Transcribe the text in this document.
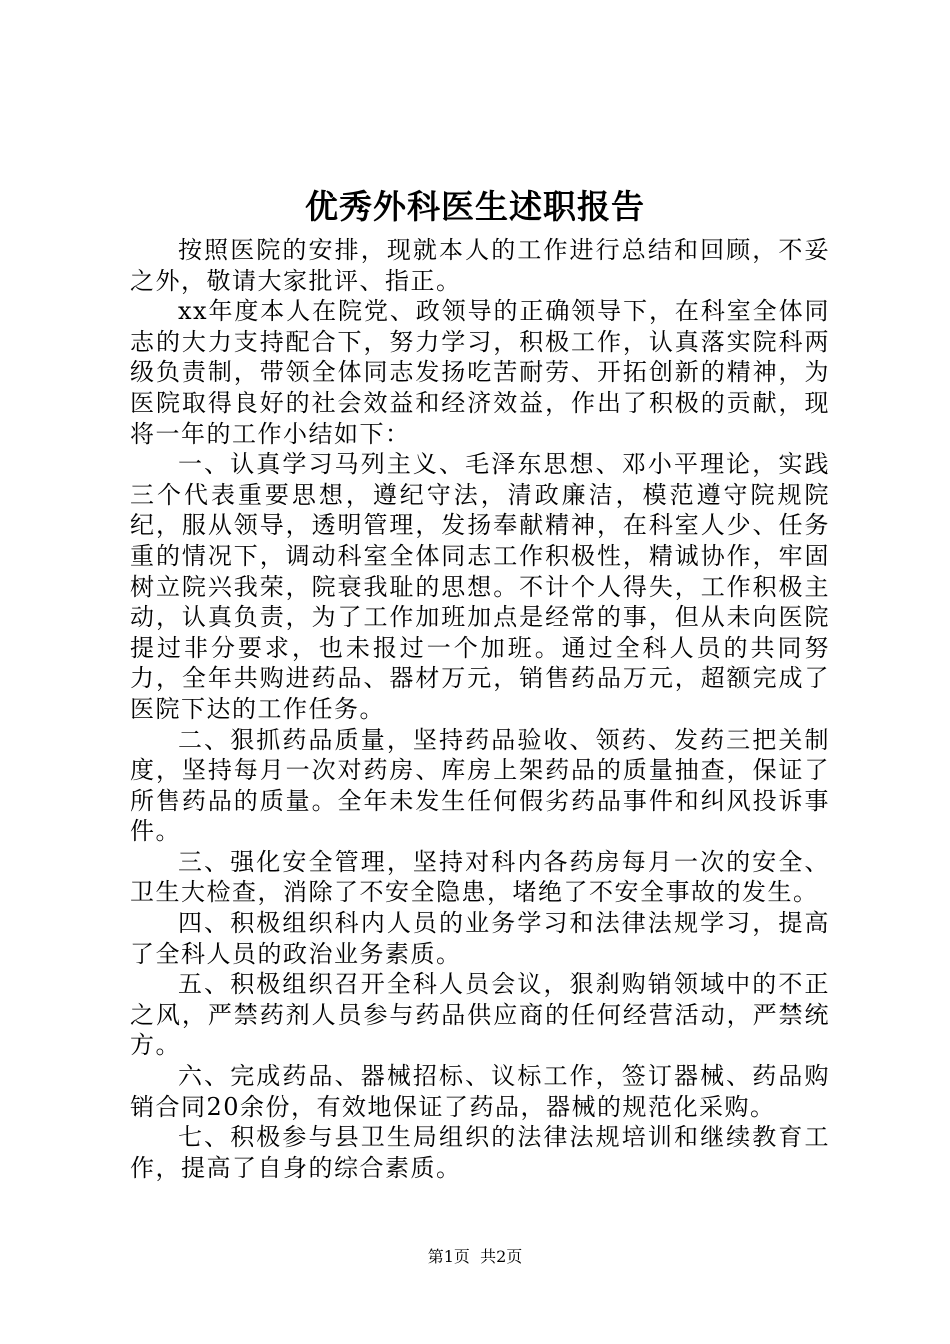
优秀外科医生述职报告

按照医院的安排，现就本人的工作进行总结和回顾，不妥之外，敬请大家批评、指正。

xx年度本人在院党、政领导的正确领导下，在科室全体同志的大力支持配合下，努力学习，积极工作，认真落实院科两级负责制，带领全体同志发扬吃苦耐劳、开拓创新的精神，为医院取得良好的社会效益和经济效益，作出了积极的贡献，现将一年的工作小结如下：

一、认真学习马列主义、毛泽东思想、邓小平理论，实践三个代表重要思想，遵纪守法，清政廉洁，模范遵守院规院纪，服从领导，透明管理，发扬奉献精神，在科室人少、任务重的情况下，调动科室全体同志工作积极性，精诚协作，牢固树立院兴我荣，院衰我耻的思想。不计个人得失，工作积极主动，认真负责，为了工作加班加点是经常的事，但从未向医院提过非分要求，也未报过一个加班。通过全科人员的共同努力，全年共购进药品、器材万元，销售药品万元，超额完成了医院下达的工作任务。

二、狠抓药品质量，坚持药品验收、领药、发药三把关制度，坚持每月一次对药房、库房上架药品的质量抽查，保证了所售药品的质量。全年未发生任何假劣药品事件和纠风投诉事件。

三、强化安全管理，坚持对科内各药房每月一次的安全、卫生大检查，消除了不安全隐患，堵绝了不安全事故的发生。

四、积极组织科内人员的业务学习和法律法规学习，提高了全科人员的政治业务素质。

五、积极组织召开全科人员会议，狠刹购销领域中的不正之风，严禁药剂人员参与药品供应商的任何经营活动，严禁统方。

六、完成药品、器械招标、议标工作，签订器械、药品购销合同20余份，有效地保证了药品，器械的规范化采购。

七、积极参与县卫生局组织的法律法规培训和继续教育工作，提高了自身的综合素质。

第1页  共2页
